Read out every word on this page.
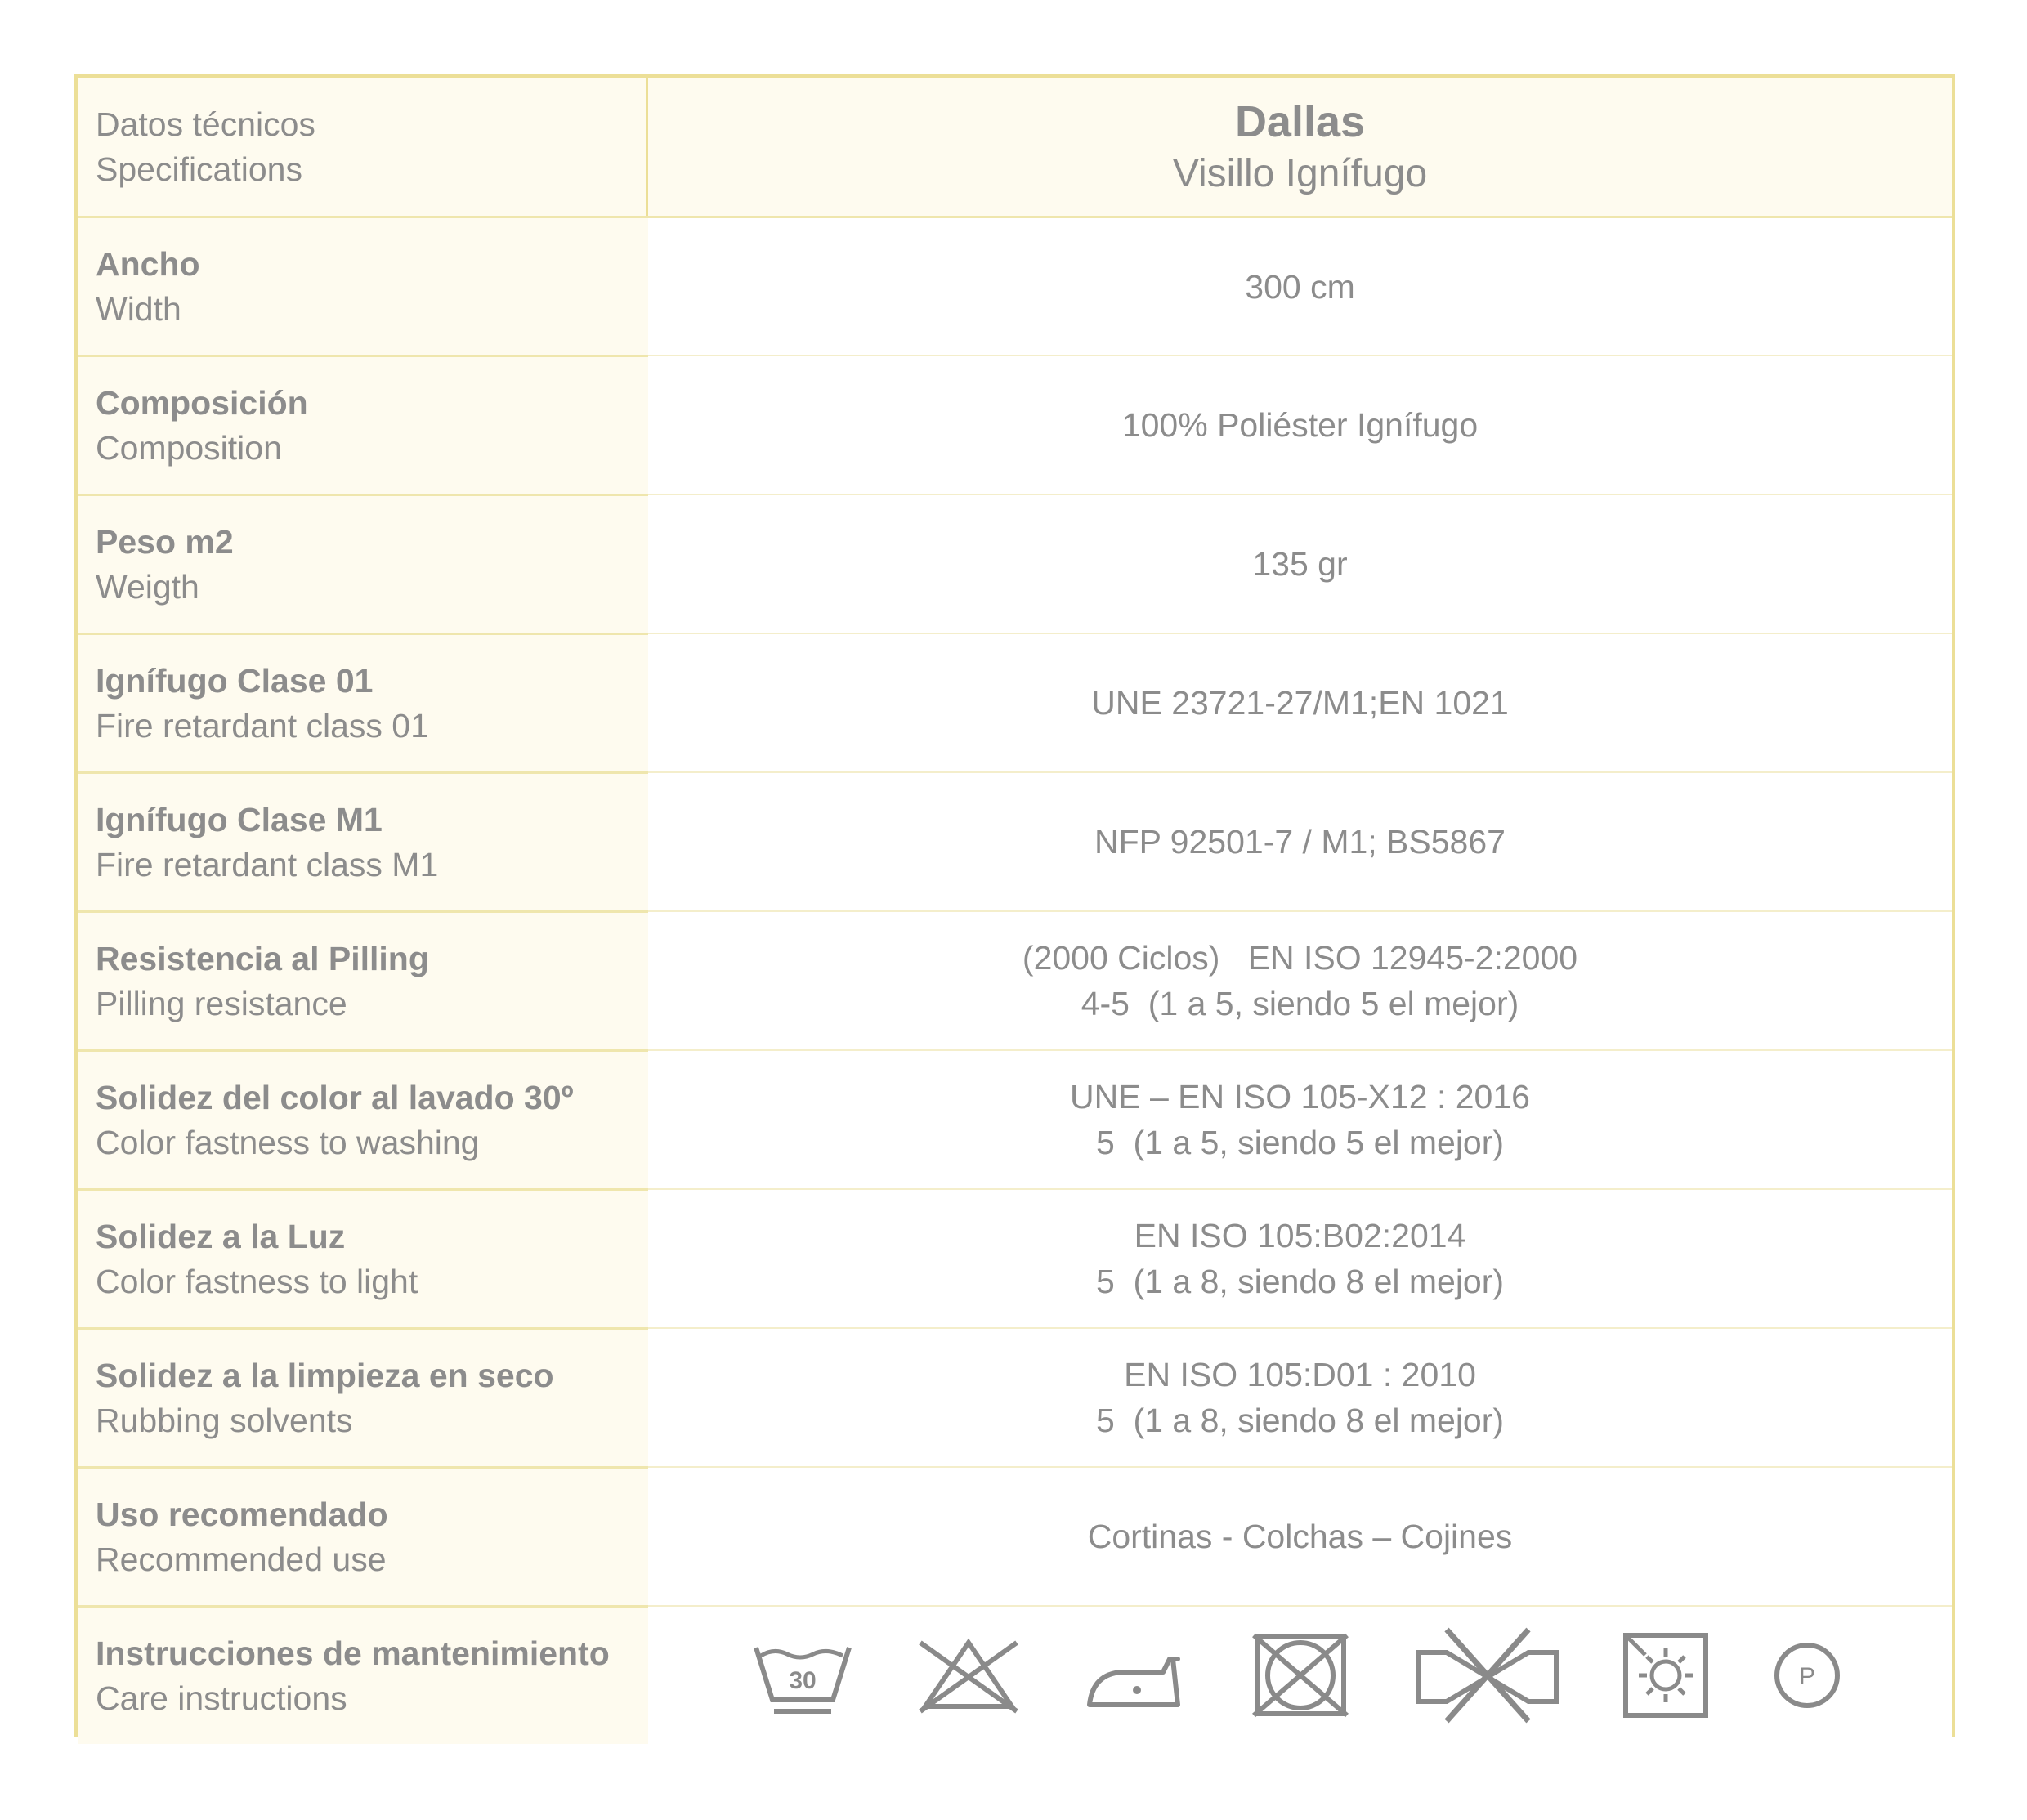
Datos técnicos
Specifications
Dallas
Visillo Ignífugo
Ancho
Width
300 cm
Composición
Composition
100% Poliéster Ignífugo
Peso m2
Weigth
135 gr
Ignífugo Clase 01
Fire retardant class 01
UNE 23721-27/M1;EN 1021
Ignífugo Clase M1
Fire retardant class M1
NFP 92501-7 / M1; BS5867
Resistencia al Pilling
Pilling resistance
(2000 Ciclos)   EN ISO 12945-2:2000
4-5  (1 a 5, siendo 5 el mejor)
Solidez del color al lavado 30º
Color fastness to washing
UNE – EN ISO 105-X12 : 2016
5  (1 a 5, siendo 5 el mejor)
Solidez a la Luz
Color fastness to light
EN ISO 105:B02:2014
5  (1 a 8, siendo 8 el mejor)
Solidez a la limpieza en seco
Rubbing solvents
EN ISO 105:D01 : 2010
5  (1 a 8, siendo 8 el mejor)
Uso recomendado
Recommended use
Cortinas - Colchas – Cojines
Instrucciones de mantenimiento
Care instructions	30	P
